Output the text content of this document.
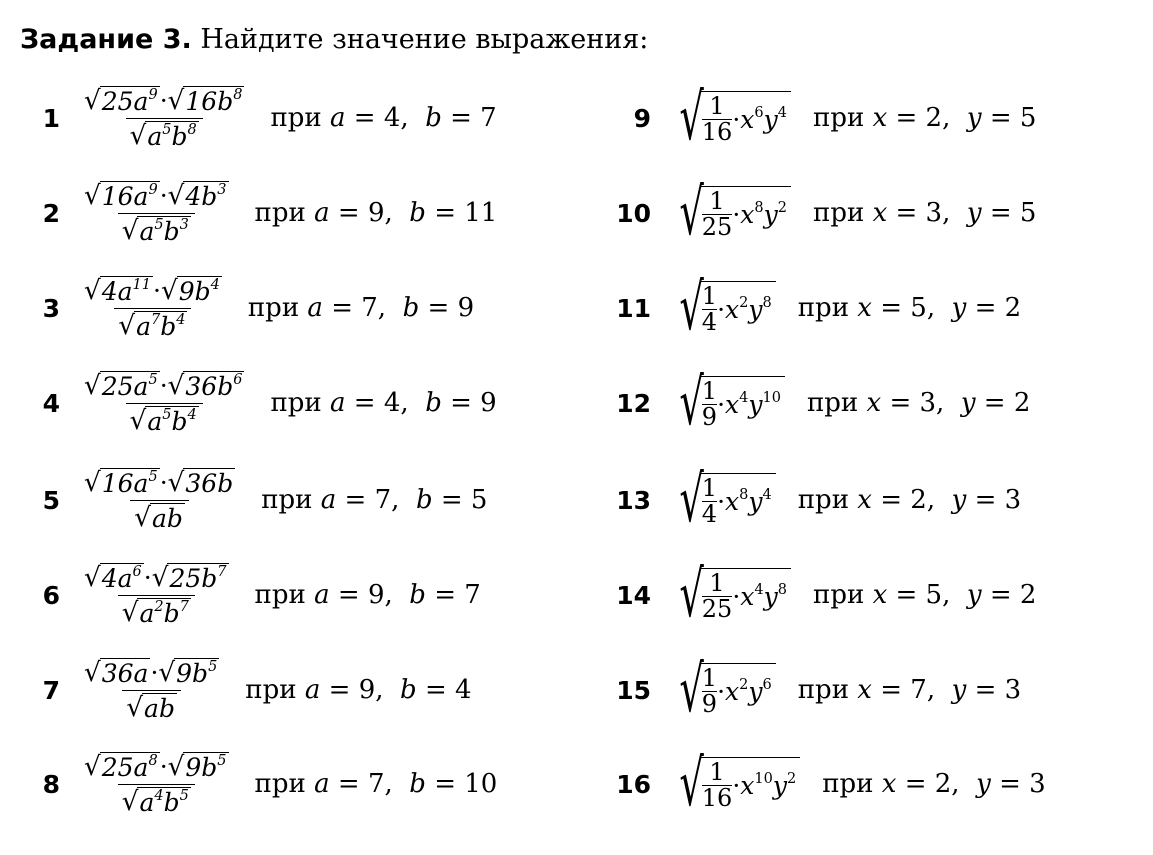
Задание 3. Найдите значение выражения:
$1 \frac{√ 25a^9 \cdot √ 16b^8}{√ a^5b^8}$ при a = 4,  b = 7
$2 \frac{√ 16a^9 \cdot √ 4b^3}{√ a^5b^3}$ при a = 9,  b = 11
$3 \frac{√ 4a^{11} \cdot √ 9b^4}{√ a^7b^4}$ при a = 7,  b = 9
$4 \frac{√ 25a^5 \cdot √ 36b^6}{√ a^5b^4}$ при a = 4,  b = 9
$5 \frac{√ 16a^5 \cdot √ 36b}{√ ab}$ при a = 7,  b = 5
$6 \frac{√ 4a^6 \cdot √ 25b^7}{√ a^2b^7}$ при a = 9,  b = 7
$7 \frac{√ 36a \cdot √ 9b^5}{√ ab}$ при a = 9,  b = 4
$8 \frac{√ 25a^8 \cdot √ 9b^5}{√ a^4b^5}$ при a = 7,  b = 10
9 √ 1
$16 \cdot x^6y^4$ при x = 2,  y = 5
10 √ 1
$25 \cdot x^8y^2$ при x = 3,  y = 5
11 √
1
$4 \cdot x^2y^8$ при x = 5,  y = 2
12 √
1
$9 \cdot x^4y^{10}$ при x = 3,  y = 2
13 √
1
$4 \cdot x^8y^4$ при x = 2,  y = 3
14 √ 1
$25 \cdot x^4y^8$ при x = 5,  y = 2
15 √
1
$9 \cdot x^2y^6$ при x = 7,  y = 3
16 √ 1
$16 \cdot x^{10}y^2$ при x = 2,  y = 3
